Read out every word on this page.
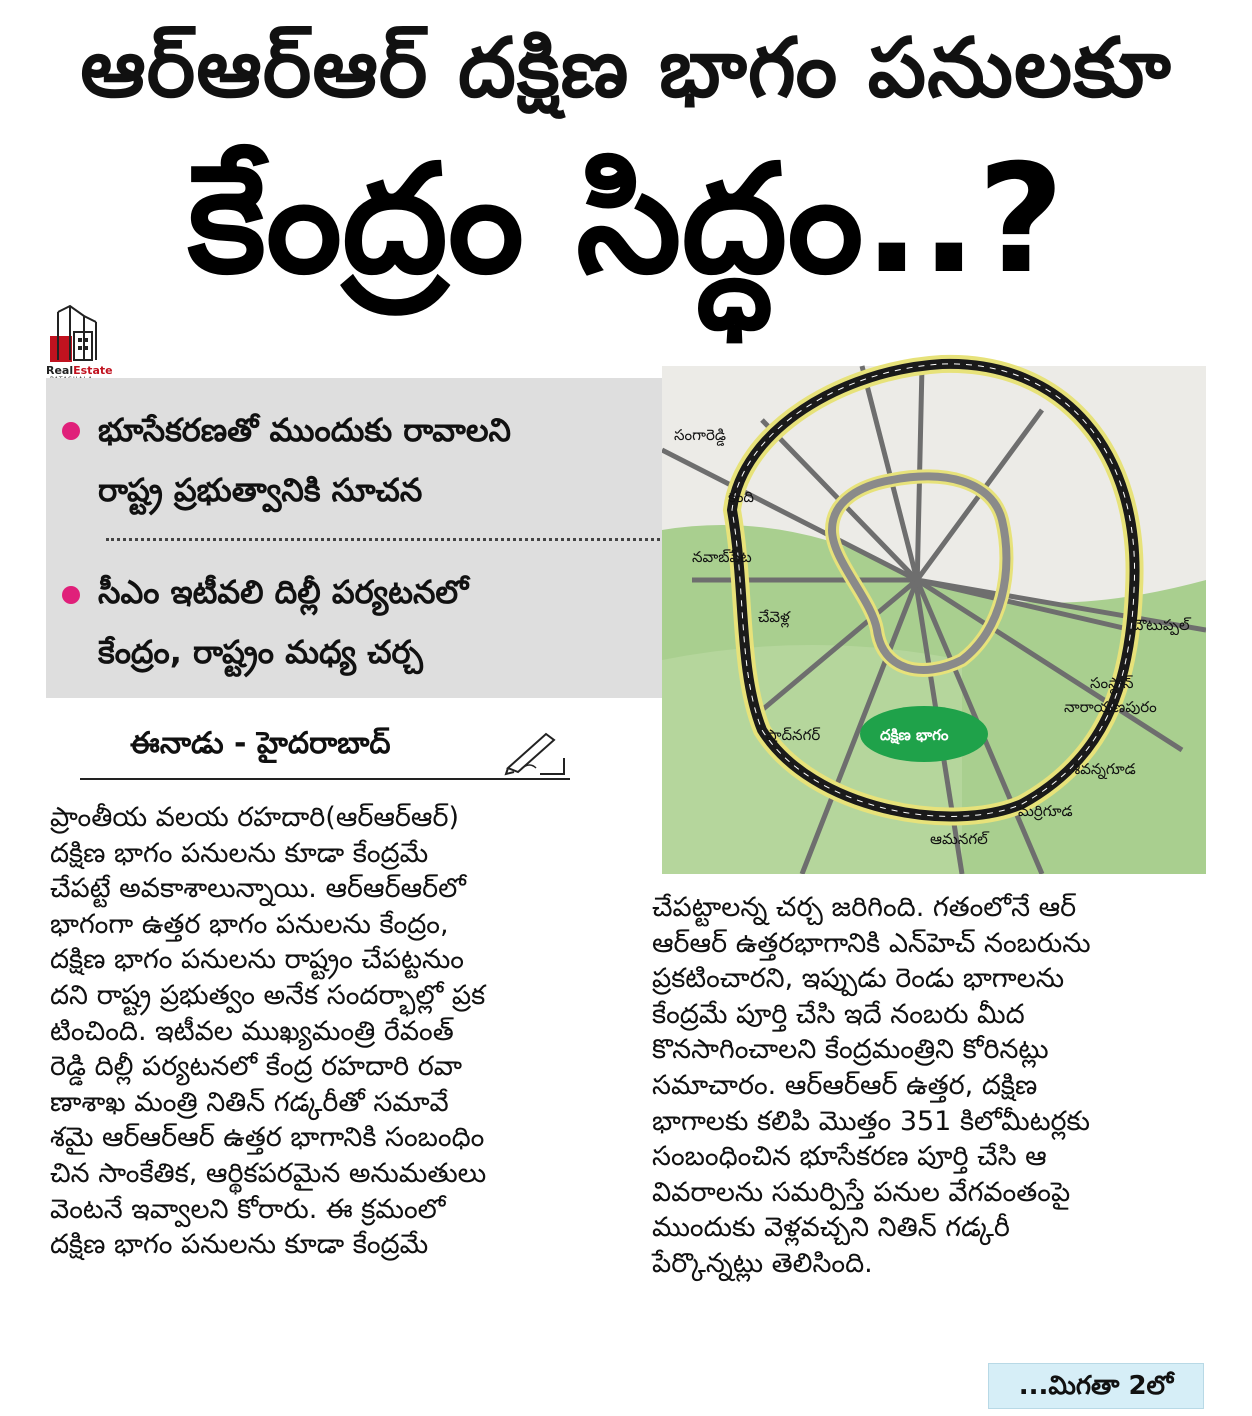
ఆర్ఆర్ఆర్ దక్షిణ భాగం పనులకూ
కేంద్రం సిద్ధం..?
RealEstate
భూసేకరణతో ముందుకు రావాలని
రాష్ట్ర ప్రభుత్వానికి సూచన
సీఎం ఇటీవలి దిల్లీ పర్యటనలో
కేంద్రం, రాష్ట్రం మధ్య చర్చ
ఈనాడు - హైదరాబాద్
సంగారెడ్డి
కంది
నవాబ్‌పేట
చేవెళ్ల	చౌటుప్పల్
సంస్థాన్
నారాయణపురం
షాద్‌నగర్	దక్షిణ భాగం
శివన్నగూడ
మర్రిగూడ
ఆమనగల్‌

ప్రాంతీయ వలయ రహదారి(ఆర్ఆర్ఆర్)

దక్షిణ భాగం పనులను కూడా కేంద్రమే

చేపట్టే అవకాశాలున్నాయి. ఆర్ఆర్ఆర్‌లో

భాగంగా ఉత్తర భాగం పనులను కేంద్రం,

దక్షిణ భాగం పనులను రాష్ట్రం చేపట్టనుం

దని రాష్ట్ర ప్రభుత్వం అనేక సందర్భాల్లో ప్రక

టించింది. ఇటీవల ముఖ్యమంత్రి రేవంత్

రెడ్డి దిల్లీ పర్యటనలో కేంద్ర రహదారి రవా

ణాశాఖ మంత్రి నితిన్ గడ్కరీతో సమావే

శమై ఆర్ఆర్ఆర్ ఉత్తర భాగానికి సంబంధిం

చిన సాంకేతిక, ఆర్థికపరమైన అనుమతులు

వెంటనే ఇవ్వాలని కోరారు. ఈ క్రమంలో

దక్షిణ భాగం పనులను కూడా కేంద్రమే

చేపట్టాలన్న చర్చ జరిగింది. గతంలోనే ఆర్

ఆర్ఆర్ ఉత్తరభాగానికి ఎన్‌హెచ్ నంబరును

ప్రకటించారని, ఇప్పుడు రెండు భాగాలను

కేంద్రమే పూర్తి చేసి ఇదే నంబరు మీద

కొనసాగించాలని కేంద్రమంత్రిని కోరినట్లు

సమాచారం. ఆర్ఆర్ఆర్ ఉత్తర, దక్షిణ

భాగాలకు కలిపి మొత్తం 351 కిలోమీటర్లకు

సంబంధించిన భూసేకరణ పూర్తి చేసి ఆ

వివరాలను సమర్పిస్తే పనుల వేగవంతంపై

ముందుకు వెళ్లవచ్చని నితిన్ గడ్కరీ

పేర్కొన్నట్లు తెలిసింది.

...మిగతా 2లో
